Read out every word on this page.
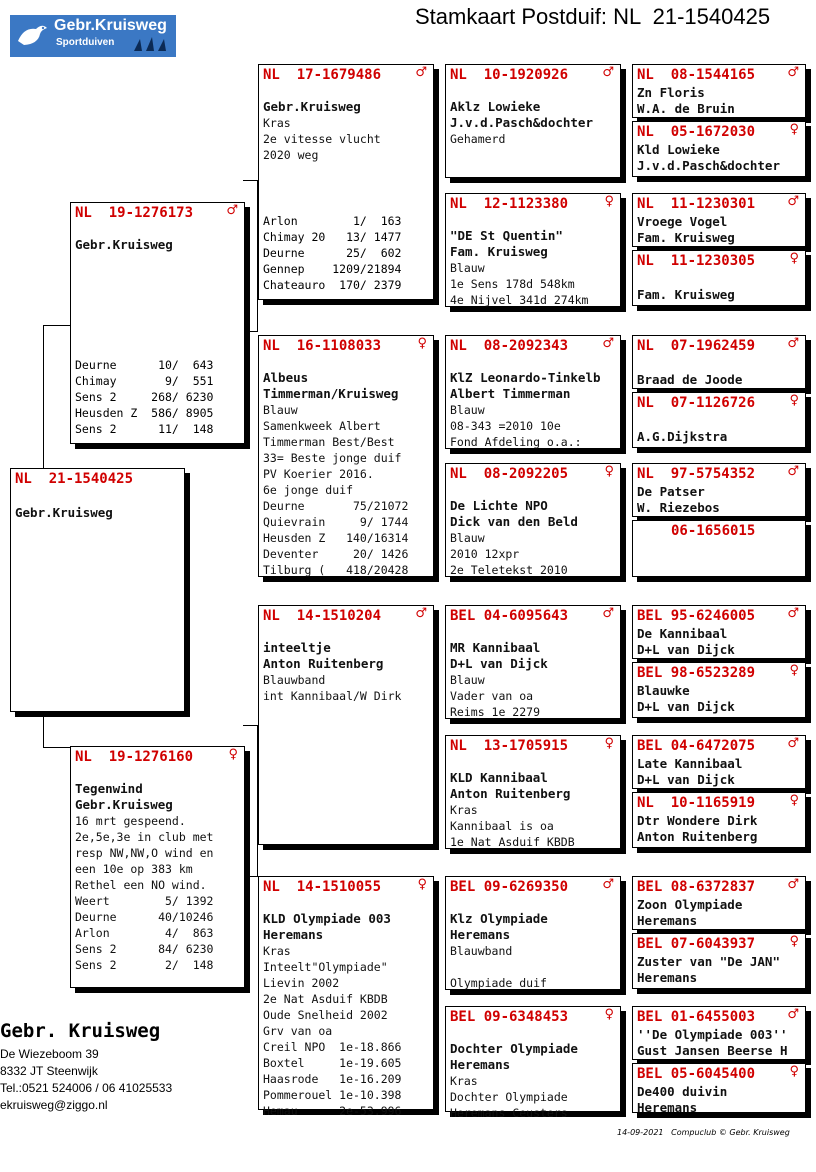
Gebr.Kruisweg
Sportduiven
Stamkaart Postduif: NL  21-1540425
NL  21-1540425
Gebr.Kruisweg
NL  19-1276173	♂
Gebr.Kruisweg
Deurne      10/  643
Chimay       9/  551
Sens 2     268/ 6230
Heusden Z  586/ 8905
Sens 2      11/  148
NL  19-1276160	♀
Tegenwind
Gebr.Kruisweg
16 mrt gespeend.
2e,5e,3e in club met
resp NW,NW,O wind en
een 10e op 383 km
Rethel een NO wind.
Weert        5/ 1392
Deurne      40/10246
Arlon        4/  863
Sens 2      84/ 6230
Sens 2       2/  148
NL  17-1679486	♂
Gebr.Kruisweg
Kras
2e vitesse vlucht
2020 weg
Arlon        1/  163
Chimay 20   13/ 1477
Deurne      25/  602
Gennep    1209/21894
Chateauro  170/ 2379
NL  16-1108033	♀
Albeus
Timmerman/Kruisweg
Blauw
Samenkweek Albert
Timmerman Best/Best
33= Beste jonge duif
PV Koerier 2016.
6e jonge duif
Deurne       75/21072
Quievrain     9/ 1744
Heusden Z   140/16314
Deventer     20/ 1426
Tilburg (   418/20428
NL  14-1510204	♂
inteeltje
Anton Ruitenberg
Blauwband
int Kannibaal/W Dirk
NL  14-1510055	♀
KLD Olympiade 003
Heremans
Kras
Inteelt"Olympiade"
Lievin 2002
2e Nat Asduif KBDB
Oude Snelheid 2002
Grv van oa
Creil NPO  1e-18.866
Boxtel     1e-19.605
Haasrode   1e-16.209
Pommerouel 1e-10.398
Hemau      2e-53.996
NL  10-1920926	♂
Aklz Lowieke
J.v.d.Pasch&dochter
Gehamerd
NL  12-1123380	♀
"DE St Quentin"
Fam. Kruisweg
Blauw
1e Sens 178d 548km
4e Nijvel 341d 274km
NL  08-2092343	♂
KlZ Leonardo-Tinkelb
Albert Timmerman
Blauw
08-343 =2010 10e
Fond Afdeling o.a.:
NL  08-2092205	♀
De Lichte NPO
Dick van den Beld
Blauw
2010 12xpr
2e Teletekst 2010
BEL 04-6095643	♂
MR Kannibaal
D+L van Dijck
Blauw
Vader van oa
Reims 1e 2279
NL  13-1705915	♀
KLD Kannibaal
Anton Ruitenberg
Kras
Kannibaal is oa
1e Nat Asduif KBDB
BEL 09-6269350	♂
Klz Olympiade
Heremans
Blauwband
Olympiade duif
BEL 09-6348453	♀
Dochter Olympiade
Heremans
Kras
Dochter Olympiade
Heremans Ceusters
NL  08-1544165 ♂
Zn Floris
W.A. de Bruin
NL  05-1672030	♀
Kld Lowieke
J.v.d.Pasch&dochter
NL  11-1230301 ♂
Vroege Vogel
Fam. Kruisweg
NL  11-1230305	♀
Fam. Kruisweg
NL  07-1962459 ♂
Braad de Joode
NL  07-1126726	♀
A.G.Dijkstra
NL  97-5754352 ♂
De Patser
W. Riezebos
06-1656015
BEL 95-6246005 ♂
De Kannibaal
D+L van Dijck
BEL 98-6523289	♀
Blauwke
D+L van Dijck
BEL 04-6472075 ♂
Late Kannibaal
D+L van Dijck
NL  10-1165919	♀
Dtr Wondere Dirk
Anton Ruitenberg
BEL 08-6372837 ♂
Zoon Olympiade
Heremans
BEL 07-6043937	♀
Zuster van "De JAN"
Heremans
BEL 01-6455003 ♂
''De Olympiade 003''
Gust Jansen Beerse H
BEL 05-6045400	♀
De400 duivin
Heremans
Gebr. Kruisweg
De Wiezeboom 39
8332 JT Steenwijk
Tel.:0521 524006 / 06 41025533
ekruisweg@ziggo.nl
14-09-2021   Compuclub © Gebr. Kruisweg
